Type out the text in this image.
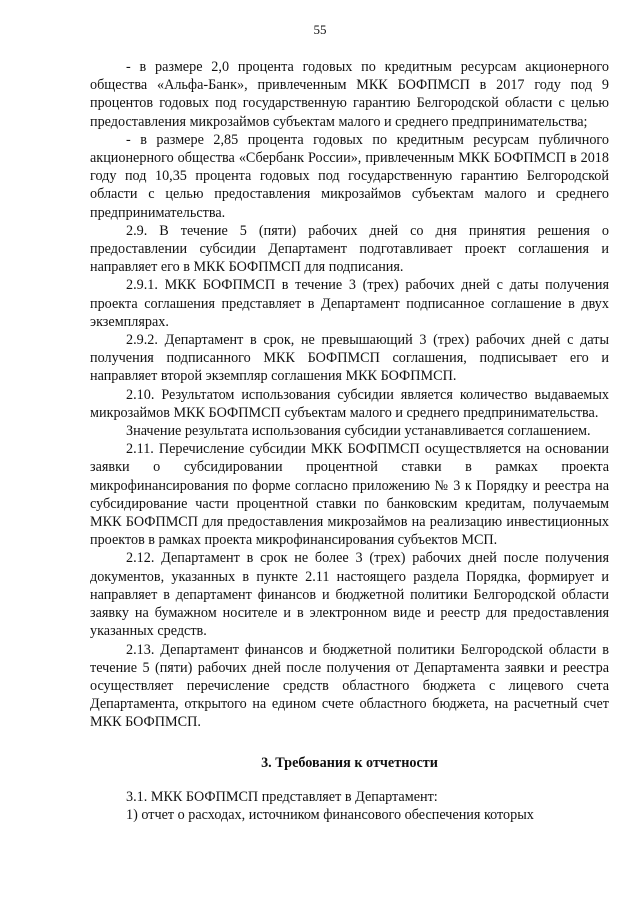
55

- в размере 2,0 процента годовых по кредитным ресурсам акционерного общества «Альфа-Банк», привлеченным МКК БОФПМСП в 2017 году под 9 процентов годовых под государственную гарантию Белгородской области с целью предоставления микрозаймов субъектам малого и среднего предпринимательства;

- в размере 2,85 процента годовых по кредитным ресурсам публичного акционерного общества «Сбербанк России», привлеченным МКК БОФПМСП в 2018 году под 10,35 процента годовых под государственную гарантию Белгородской области с целью предоставления микрозаймов субъектам малого и среднего предпринимательства.

2.9. В течение 5 (пяти) рабочих дней со дня принятия решения о предоставлении субсидии Департамент подготавливает проект соглашения и направляет его в МКК БОФПМСП для подписания.

2.9.1. МКК БОФПМСП в течение 3 (трех) рабочих дней с даты получения проекта соглашения представляет в Департамент подписанное соглашение в двух экземплярах.

2.9.2. Департамент в срок, не превышающий 3 (трех) рабочих дней с даты получения подписанного МКК БОФПМСП соглашения, подписывает его и направляет второй экземпляр соглашения МКК БОФПМСП.

2.10. Результатом использования субсидии является количество выдаваемых микрозаймов МКК БОФПМСП субъектам малого и среднего предпринимательства.

Значение результата использования субсидии устанавливается соглашением.

2.11. Перечисление субсидии МКК БОФПМСП осуществляется на основании заявки о субсидировании процентной ставки в рамках проекта микрофинансирования по форме согласно приложению № 3 к Порядку и реестра на субсидирование части процентной ставки по банковским кредитам, получаемым МКК БОФПМСП для предоставления микрозаймов на реализацию инвестиционных проектов в рамках проекта микрофинансирования субъектов МСП.

2.12. Департамент в срок не более 3 (трех) рабочих дней после получения документов, указанных в пункте 2.11 настоящего раздела Порядка, формирует и направляет в департамент финансов и бюджетной политики Белгородской области заявку на бумажном носителе и в электронном виде и реестр для предоставления указанных средств.

2.13. Департамент финансов и бюджетной политики Белгородской области в течение 5 (пяти) рабочих дней после получения от Департамента заявки и реестра осуществляет перечисление средств областного бюджета с лицевого счета Департамента, открытого на едином счете областного бюджета, на расчетный счет МКК БОФПМСП.

3. Требования к отчетности

3.1. МКК БОФПМСП представляет в Департамент:

1) отчет о расходах, источником финансового обеспечения которых
